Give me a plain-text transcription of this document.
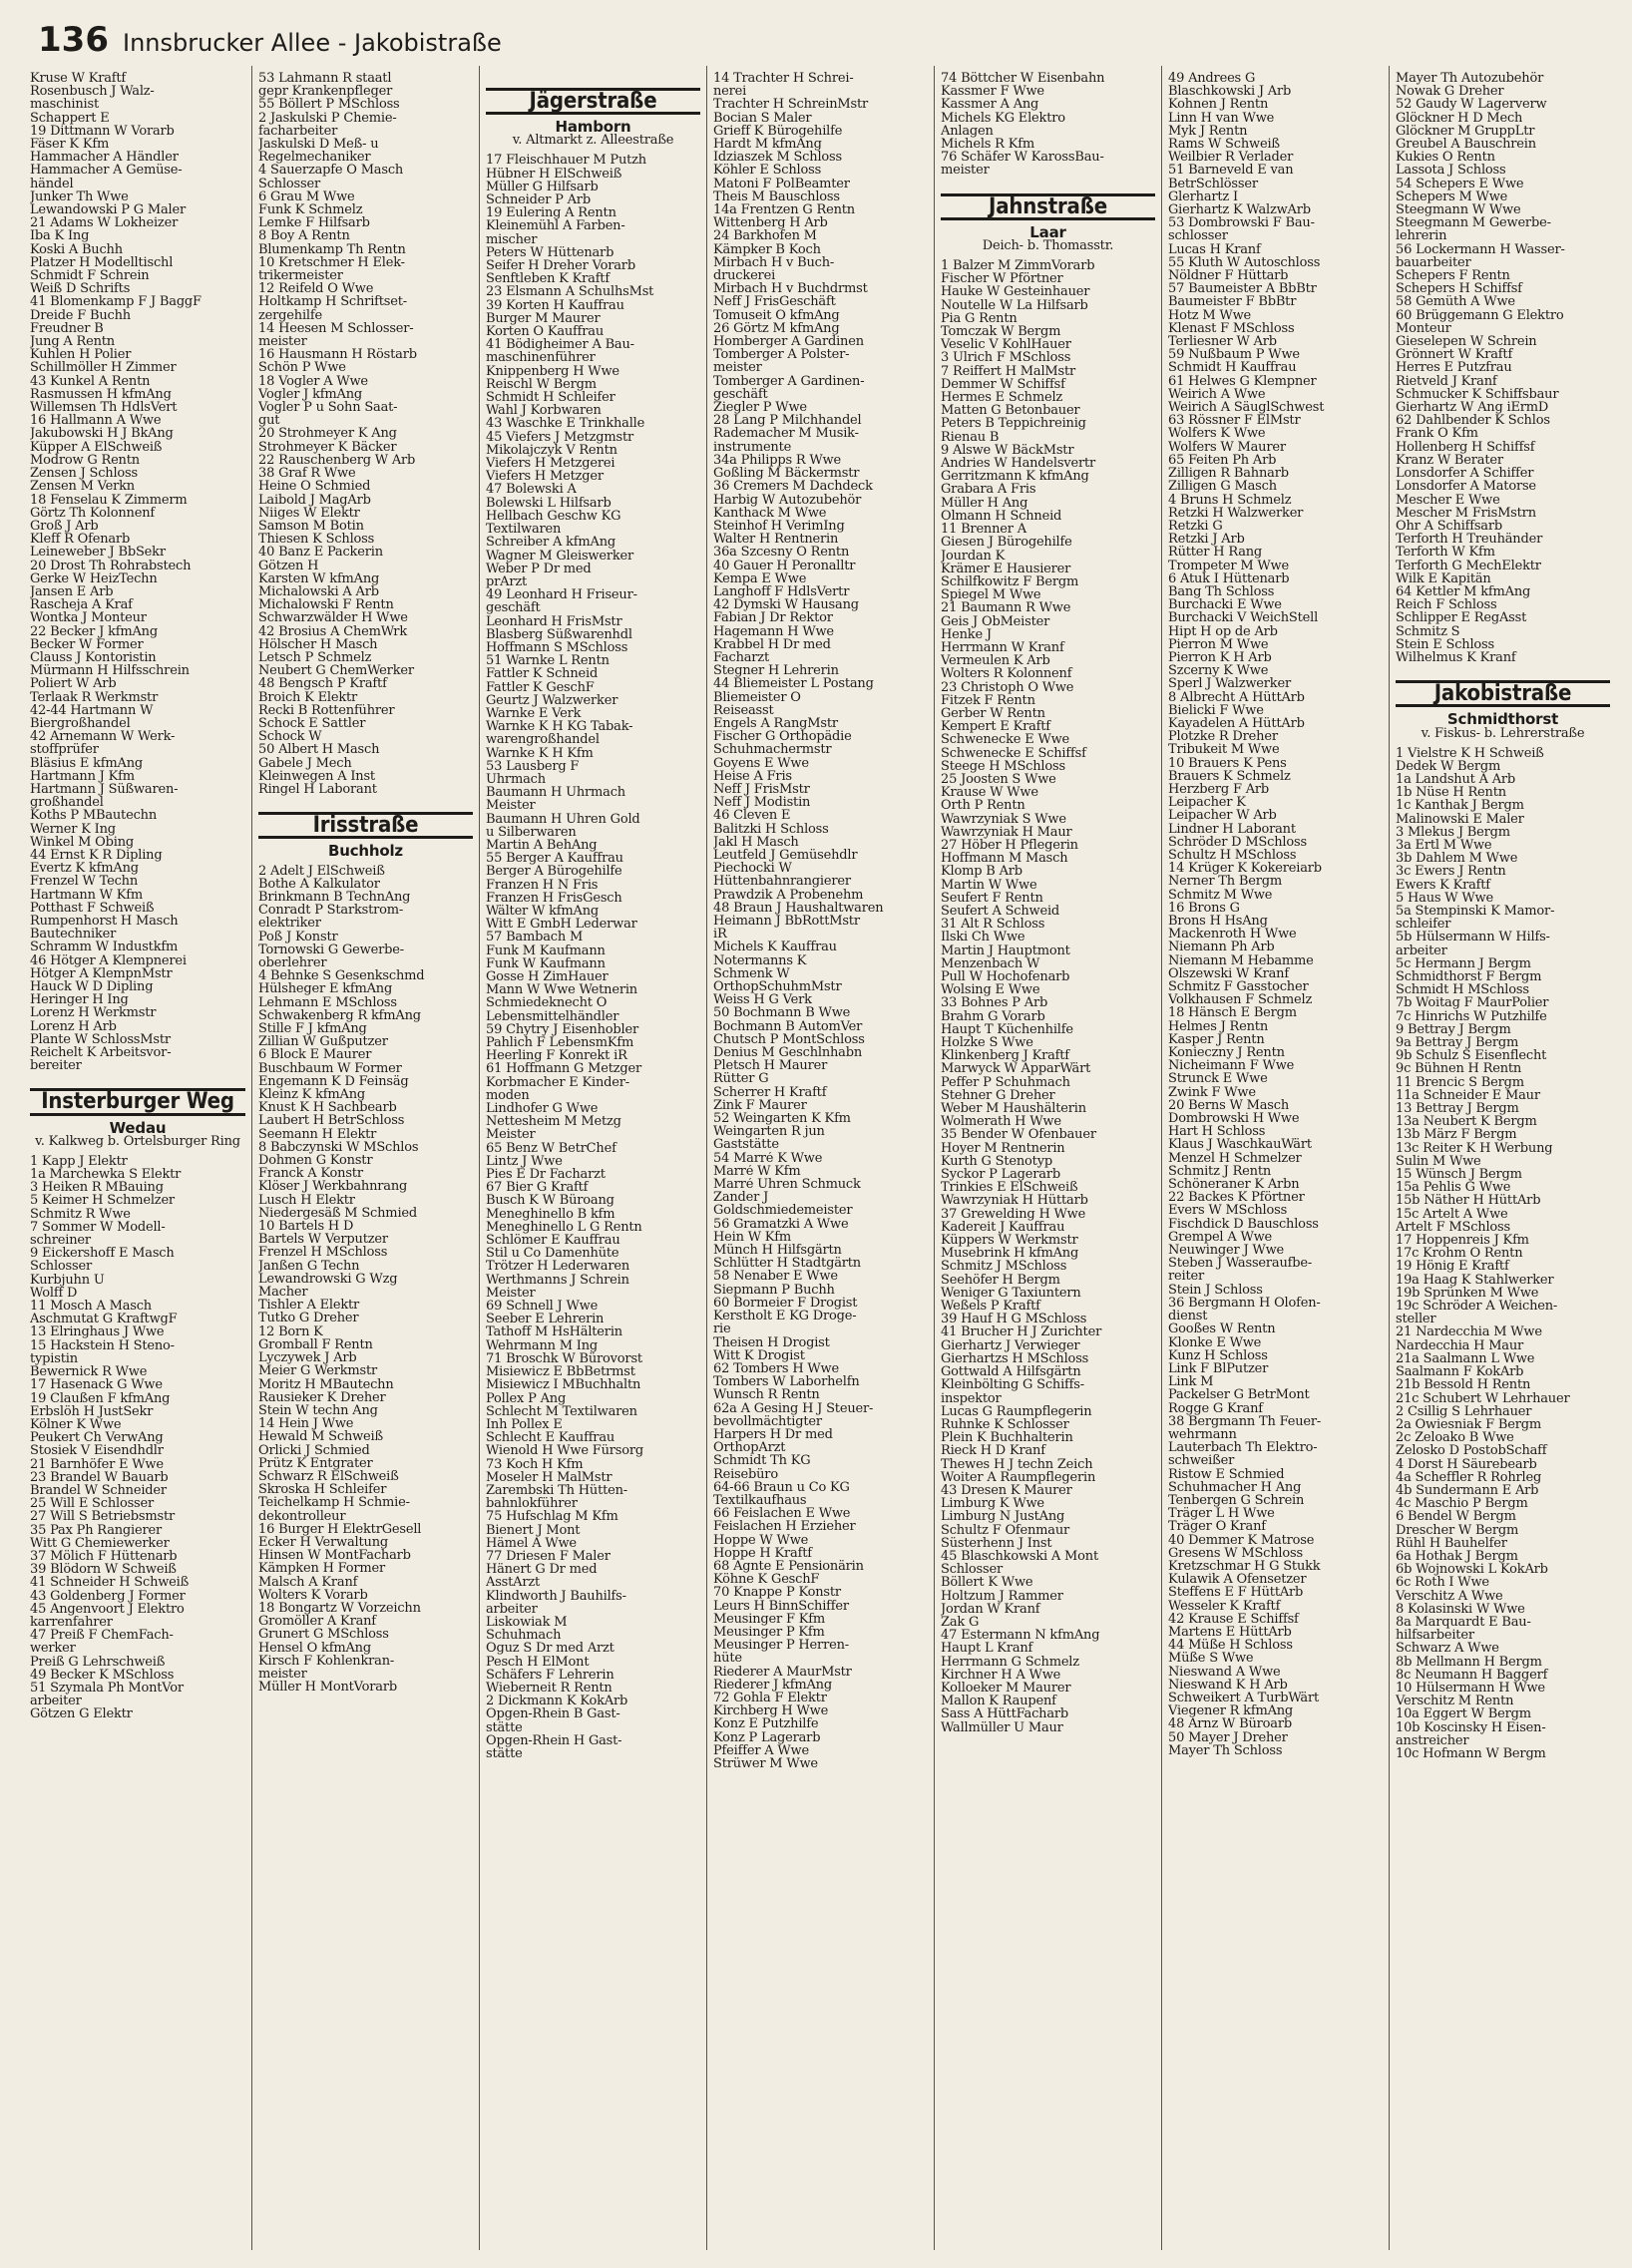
136 Innsbrucker Allee - Jakobistraße
Kruse W Kraftf
Rosenbusch J Walz-
maschinist
Schappert E
19 Dittmann W Vorarb
Fäser K Kfm
Hammacher A Händler
Hammacher A Gemüse-
händel
Junker Th Wwe
Lewandowski P G Maler
21 Adams W Lokheizer
Iba K Ing
Koski A Buchh
Platzer H Modelltischl
Schmidt F Schrein
Weiß D Schrifts
41 Blomenkamp F J BaggF
Dreide F Buchh
Freudner B
Jung A Rentn
Kuhlen H Polier
Schillmöller H Zimmer
43 Kunkel A Rentn
Rasmussen H kfmAng
Willemsen Th HdlsVert
16 Hallmann A Wwe
Jakubowski H J BkAng
Küpper A ElSchweiß
Modrow G Rentn
Zensen J Schloss
Zensen M Verkn
18 Fenselau K Zimmerm
Görtz Th Kolonnenf
Groß J Arb
Kleff R Ofenarb
Leineweber J BbSekr
20 Drost Th Rohrabstech
Gerke W HeizTechn
Jansen E Arb
Rascheja A Kraf
Wontka J Monteur
22 Becker J kfmAng
Becker W Former
Clauss J Kontoristin
Mürmann H Hilfsschrein
Poliert W Arb
Terlaak R Werkmstr
42-44 Hartmann W
Biergroßhandel
42 Arnemann W Werk-
stoffprüfer
Bläsius E kfmAng
Hartmann J Kfm
Hartmann J Süßwaren-
großhandel
Koths P MBautechn
Werner K Ing
Winkel M Obing
44 Ernst K R Dipling
Evertz K kfmAng
Frenzel W Techn
Hartmann W Kfm
Potthast F Schweiß
Rumpenhorst H Masch
Bautechniker
Schramm W Industkfm
46 Hötger A Klempnerei
Hötger A KlempnMstr
Hauck W D Dipling
Heringer H Ing
Lorenz H Werkmstr
Lorenz H Arb
Plante W SchlossMstr
Reichelt K Arbeitsvor-
bereiter
Insterburger Weg
Wedau
v. Kalkweg b. Ortelsburger Ring
1 Kapp J Elektr
1a Marchewka S Elektr
3 Heiken R MBauing
5 Keimer H Schmelzer
Schmitz R Wwe
7 Sommer W Modell-
schreiner
9 Eickershoff E Masch
Schlosser
Kurbjuhn U
Wolff D
11 Mosch A Masch
Aschmutat G KraftwgF
13 Elringhaus J Wwe
15 Hackstein H Steno-
typistin
Bewernick R Wwe
17 Hasenack G Wwe
19 Claußen F kfmAng
Erbslöh H JustSekr
Kölner K Wwe
Peukert Ch VerwAng
Stosiek V Eisendhdlr
21 Barnhöfer E Wwe
23 Brandel W Bauarb
Brandel W Schneider
25 Will E Schlosser
27 Will S Betriebsmstr
35 Pax Ph Rangierer
Witt G Chemiewerker
37 Mölich F Hüttenarb
39 Blödorn W Schweiß
41 Schneider H Schweiß
43 Goldenberg J Former
45 Angenvoort J Elektro
karrenfahrer
47 Preiß F ChemFach-
werker
Preiß G Lehrschweiß
49 Becker K MSchloss
51 Szymala Ph MontVor
arbeiter
Götzen G Elektr
53 Lahmann R staatl
gepr Krankenpfleger
55 Böllert P MSchloss
2 Jaskulski P Chemie-
facharbeiter
Jaskulski D Meß- u
Regelmechaniker
4 Sauerzapfe O Masch
Schlosser
6 Grau M Wwe
Funk K Schmelz
Lemke F Hilfsarb
8 Boy A Rentn
Blumenkamp Th Rentn
10 Kretschmer H Elek-
trikermeister
12 Reifeld O Wwe
Holtkamp H Schriftset-
zergehilfe
14 Heesen M Schlosser-
meister
16 Hausmann H Röstarb
Schön P Wwe
18 Vogler A Wwe
Vogler J kfmAng
Vogler P u Sohn Saat-
gut
20 Strohmeyer K Ang
Strohmeyer K Bäcker
22 Rauschenberg W Arb
38 Graf R Wwe
Heine O Schmied
Laibold J MagArb
Niiges W Elektr
Samson M Botin
Thiesen K Schloss
40 Banz E Packerin
Götzen H
Karsten W kfmAng
Michalowski A Arb
Michalowski F Rentn
Schwarzwälder H Wwe
42 Brosius A ChemWrk
Hölscher H Masch
Letsch P Schmelz
Neubert G ChemWerker
48 Bengsch P Kraftf
Broich K Elektr
Recki B Rottenführer
Schock E Sattler
Schock W
50 Albert H Masch
Gabele J Mech
Kleinwegen A Inst
Ringel H Laborant
Irisstraße
Buchholz
2 Adelt J ElSchweiß
Bothe A Kalkulator
Brinkmann B TechnAng
Conradt P Starkstrom-
elektriker
Poß J Konstr
Tornowski G Gewerbe-
oberlehrer
4 Behnke S Gesenkschmd
Hülsheger E kfmAng
Lehmann E MSchloss
Schwakenberg R kfmAng
Stille F J kfmAng
Zillian W Gußputzer
6 Block E Maurer
Buschbaum W Former
Engemann K D Feinsäg
Kleinz K kfmAng
Knust K H Sachbearb
Laubert H BetrSchloss
Seemann H Elektr
8 Babczynski W MSchlos
Dohmen G Konstr
Franck A Konstr
Klöser J Werkbahnrang
Lusch H Elektr
Niedergesäß M Schmied
10 Bartels H D
Bartels W Verputzer
Frenzel H MSchloss
Janßen G Techn
Lewandrowski G Wzg
Macher
Tishler A Elektr
Tutko G Dreher
12 Born K
Gromball F Rentn
Lyczywek J Arb
Meier G Werkmstr
Moritz H MBautechn
Rausieker K Dreher
Stein W techn Ang
14 Hein J Wwe
Hewald M Schweiß
Orlicki J Schmied
Prütz K Entgrater
Schwarz R ElSchweiß
Skroska H Schleifer
Teichelkamp H Schmie-
dekontrolleur
16 Burger H ElektrGesell
Ecker H Verwaltung
Hinsen W MontFacharb
Kämpken H Former
Malsch A Kranf
Wolters K Vorarb
18 Bongartz W Vorzeichn
Gromöller A Kranf
Grunert G MSchloss
Hensel O kfmAng
Kirsch F Kohlenkran-
meister
Müller H MontVorarb
Jägerstraße
Hamborn
v. Altmarkt z. Alleestraße
17 Fleischhauer M Putzh
Hübner H ElSchweiß
Müller G Hilfsarb
Schneider P Arb
19 Eulering A Rentn
Kleinemühl A Farben-
mischer
Peters W Hüttenarb
Seifer H Dreher Vorarb
Senftleben K Kraftf
23 Elsmann A SchulhsMst
39 Korten H Kauffrau
Burger M Maurer
Korten O Kauffrau
41 Bödigheimer A Bau-
maschinenführer
Knippenberg H Wwe
Reischl W Bergm
Schmidt H Schleifer
Wahl J Korbwaren
43 Waschke E Trinkhalle
45 Viefers J Metzgmstr
Mikolajczyk V Rentn
Viefers H Metzgerei
Viefers H Metzger
47 Bolewski A
Bolewski L Hilfsarb
Hellbach Geschw KG
Textilwaren
Schreiber A kfmAng
Wagner M Gleiswerker
Weber P Dr med
prArzt
49 Leonhard H Friseur-
geschäft
Leonhard H FrisMstr
Blasberg Süßwarenhdl
Hoffmann S MSchloss
51 Warnke L Rentn
Fattler K Schneid
Fattler K GeschF
Geurtz J Walzwerker
Warnke E Verk
Warnke K H KG Tabak-
warengroßhandel
Warnke K H Kfm
53 Lausberg F
Uhrmach
Baumann H Uhrmach
Meister
Baumann H Uhren Gold
u Silberwaren
Martin A BehAng
55 Berger A Kauffrau
Berger A Bürogehilfe
Franzen H N Fris
Franzen H FrisGesch
Wälter W kfmAng
Witt E GmbH Lederwar
57 Bambach M
Funk M Kaufmann
Funk W Kaufmann
Gosse H ZimHauer
Mann W Wwe Wetnerin
Schmiedeknecht O
Lebensmittelhändler
59 Chytry J Eisenhobler
Pahlich F LebensmKfm
Heerling F Konrekt iR
61 Hoffmann G Metzger
Korbmacher E Kinder-
moden
Lindhofer G Wwe
Nettesheim M Metzg
Meister
65 Benz W BetrChef
Lintz J Wwe
Pies E Dr Facharzt
67 Bier G Kraftf
Busch K W Büroang
Meneghinello B kfm
Meneghinello L G Rentn
Schlömer E Kauffrau
Stil u Co Damenhüte
Trötzer H Lederwaren
Werthmanns J Schrein
Meister
69 Schnell J Wwe
Seeber E Lehrerin
Tathoff M HsHälterin
Wehrmann M Ing
71 Broschk W Bürovorst
Misiewicz E BbBetrmst
Misiewicz I MBuchhaltn
Pollex P Ang
Schlecht M Textilwaren
Inh Pollex E
Schlecht E Kauffrau
Wienold H Wwe Fürsorg
73 Koch H Kfm
Moseler H MalMstr
Zarembski Th Hütten-
bahnlokführer
75 Hufschlag M Kfm
Bienert J Mont
Hämel A Wwe
77 Driesen F Maler
Hänert G Dr med
AsstArzt
Klindworth J Bauhilfs-
arbeiter
Liskowiak M
Schuhmach
Oguz S Dr med Arzt
Pesch H ElMont
Schäfers F Lehrerin
Wieberneit R Rentn
2 Dickmann K KokArb
Opgen-Rhein B Gast-
stätte
Opgen-Rhein H Gast-
stätte
14 Trachter H Schrei-
nerei
Trachter H SchreinMstr
Bocian S Maler
Grieff K Bürogehilfe
Hardt M kfmAng
Idziaszek M Schloss
Köhler E Schloss
Matoni F PolBeamter
Theis M Bauschloss
14a Frentzen G Rentn
Wittenberg H Arb
24 Barkhofen M
Kämpker B Koch
Mirbach H v Buch-
druckerei
Mirbach H v Buchdrmst
Neff J FrisGeschäft
Tomuseit O kfmAng
26 Görtz M kfmAng
Homberger A Gardinen
Tomberger A Polster-
meister
Tomberger A Gardinen-
geschäft
Ziegler P Wwe
28 Lang P Milchhandel
Rademacher M Musik-
instrumente
34a Philipps R Wwe
Goßling M Bäckermstr
36 Cremers M Dachdeck
Harbig W Autozubehör
Kanthack M Wwe
Steinhof H VerimIng
Walter H Rentnerin
36a Szcesny O Rentn
40 Gauer H Peronalltr
Kempa E Wwe
Langhoff F HdlsVertr
42 Dymski W Hausang
Fabian J Dr Rektor
Hagemann H Wwe
Krabbel H Dr med
Facharzt
Stegner H Lehrerin
44 Bliemeister L Postang
Bliemeister O
Reiseasst
Engels A RangMstr
Fischer G Orthopädie
Schuhmachermstr
Goyens E Wwe
Heise A Fris
Neff J FrisMstr
Neff J Modistin
46 Cleven E
Balitzki H Schloss
Jakl H Masch
Leutfeld J Gemüsehdlr
Piechocki W
Hüttenbahnrangierer
Prawdzik A Probenehm
48 Braun J Haushaltwaren
Heimann J BbRottMstr
iR
Michels K Kauffrau
Notermanns K
Schmenk W
OrthopSchuhmMstr
Weiss H G Verk
50 Bochmann B Wwe
Bochmann B AutomVer
Chutsch P MontSchloss
Denius M Geschlnhabn
Pletsch H Maurer
Rütter G
Scherrer H Kraftf
Zink F Maurer
52 Weingarten K Kfm
Weingarten R jun
Gaststätte
54 Marré K Wwe
Marré W Kfm
Marré Uhren Schmuck
Zander J
Goldschmiedemeister
56 Gramatzki A Wwe
Hein W Kfm
Münch H Hilfsgärtn
Schlütter H Stadtgärtn
58 Nenaber E Wwe
Siepmann P Buchh
60 Bormeier F Drogist
Kerstholt E KG Droge-
rie
Theisen H Drogist
Witt K Drogist
62 Tombers H Wwe
Tombers W Laborhelfn
Wunsch R Rentn
62a A Gesing H J Steuer-
bevollmächtigter
Harpers H Dr med
OrthopArzt
Schmidt Th KG
Reisebüro
64-66 Braun u Co KG
Textilkaufhaus
66 Feislachen E Wwe
Feislachen H Erzieher
Hoppe W Wwe
Hoppe H Kraftf
68 Agnte E Pensionärin
Köhne K GeschF
70 Knappe P Konstr
Leurs H BinnSchiffer
Meusinger F Kfm
Meusinger P Kfm
Meusinger P Herren-
hüte
Riederer A MaurMstr
Riederer J kfmAng
72 Gohla F Elektr
Kirchberg H Wwe
Konz E Putzhilfe
Konz P Lagerarb
Pfeiffer A Wwe
Strüwer M Wwe
74 Böttcher W Eisenbahn
Kassmer F Wwe
Kassmer A Ang
Michels KG Elektro
Anlagen
Michels R Kfm
76 Schäfer W KarossBau-
meister
Jahnstraße
Laar
Deich- b. Thomasstr.
1 Balzer M ZimmVorarb
Fischer W Pförtner
Hauke W Gesteinhauer
Noutelle W La Hilfsarb
Pia G Rentn
Tomczak W Bergm
Veselic V KohlHauer
3 Ulrich F MSchloss
7 Reiffert H MalMstr
Demmer W Schiffsf
Hermes E Schmelz
Matten G Betonbauer
Peters B Teppichreinig
Rienau B
9 Alswe W BäckMstr
Andries W Handelsvertr
Gerritzmann K kfmAng
Grabara A Fris
Müller H Ang
Ölmann H Schneid
11 Brenner A
Giesen J Bürogehilfe
Jourdan K
Krämer E Hausierer
Schilfkowitz F Bergm
Spiegel M Wwe
21 Baumann R Wwe
Geis J ObMeister
Henke J
Herrmann W Kranf
Vermeulen K Arb
Wolters R Kolonnenf
23 Christoph O Wwe
Fitzek F Rentn
Gerber W Rentn
Kempert E Kraftf
Schwenecke E Wwe
Schwenecke E Schiffsf
Steege H MSchloss
25 Joosten S Wwe
Krause W Wwe
Orth P Rentn
Wawrzyniak S Wwe
Wawrzyniak H Maur
27 Höber H Pflegerin
Hoffmann M Masch
Klomp B Arb
Martin W Wwe
Seufert F Rentn
Seufert A Schweid
31 Alt R Schloss
Ilski Ch Wwe
Martin J Hauptmont
Menzenbach W
Pull W Hochofenarb
Wolsing E Wwe
33 Bohnes P Arb
Brahm G Vorarb
Haupt T Küchenhilfe
Holzke S Wwe
Klinkenberg J Kraftf
Marwyck W ApparWärt
Peffer P Schuhmach
Stehner G Dreher
Weber M Haushälterin
Wolmerath H Wwe
35 Bender W Ofenbauer
Hoyer M Rentnerin
Kurth G Stenotyp
Syckor P Lagerarb
Trinkies E ElSchweiß
Wawrzyniak H Hüttarb
37 Grewelding H Wwe
Kadereit J Kauffrau
Küppers W Werkmstr
Musebrink H kfmAng
Schmitz J MSchloss
Seehöfer H Bergm
Weniger G Taxiuntern
Weßels P Kraftf
39 Hauf H G MSchloss
41 Brucher H J Zurichter
Gierhartz J Verwieger
Gierhartzs H MSchloss
Gottwald A Hilfsgärtn
Kleinbölting G Schiffs-
inspektor
Lucas G Raumpflegerin
Ruhnke K Schlosser
Plein K Buchhalterin
Rieck H D Kranf
Thewes H J techn Zeich
Woiter A Raumpflegerin
43 Dresen K Maurer
Limburg K Wwe
Limburg N JustAng
Schultz F Ofenmaur
Süsterhenn J Inst
45 Blaschkowski A Mont
Schlosser
Böllert K Wwe
Holtzum J Rammer
Jordan W Kranf
Zak G
47 Estermann N kfmAng
Haupt L Kranf
Herrmann G Schmelz
Kirchner H A Wwe
Kolloeker M Maurer
Mallon K Raupenf
Sass A HüttFacharb
Wallmüller U Maur
49 Andrees G
Blaschkowski J Arb
Kohnen J Rentn
Linn H van Wwe
Myk J Rentn
Rams W Schweiß
Weilbier R Verlader
51 Barneveld E van
BetrSchlösser
Glerhartz I
Gierhartz K WalzwArb
53 Dombrowski F Bau-
schlosser
Lucas H Kranf
55 Kluth W Autoschloss
Nöldner F Hüttarb
57 Baumeister A BbBtr
Baumeister F BbBtr
Hotz M Wwe
Klenast F MSchloss
Terliesner W Arb
59 Nußbaum P Wwe
Schmidt H Kauffrau
61 Helwes G Klempner
Weirich A Wwe
Weirich A SäuglSchwest
63 Rössner F ElMstr
Wolfers K Wwe
Wolfers W Maurer
65 Feiten Ph Arb
Zilligen R Bahnarb
Zilligen G Masch
4 Bruns H Schmelz
Retzki H Walzwerker
Retzki G
Retzki J Arb
Rütter H Rang
Trompeter M Wwe
6 Atuk I Hüttenarb
Bang Th Schloss
Burchacki E Wwe
Burchacki V WeichStell
Hipt H op de Arb
Pierron M Wwe
Pierron K H Arb
Szcerny K Wwe
Sperl J Walzwerker
8 Albrecht A HüttArb
Bielicki F Wwe
Kayadelen A HüttArb
Plotzke R Dreher
Tribukeit M Wwe
10 Brauers K Pens
Brauers K Schmelz
Herzberg F Arb
Leipacher K
Leipacher W Arb
Lindner H Laborant
Schröder D MSchloss
Schultz H MSchloss
14 Krüger K Kokereiarb
Nerner Th Bergm
Schmitz M Wwe
16 Brons G
Brons H HsAng
Mackenroth H Wwe
Niemann Ph Arb
Niemann M Hebamme
Olszewski W Kranf
Schmitz F Gasstocher
Volkhausen F Schmelz
18 Hänsch E Bergm
Helmes J Rentn
Kasper J Rentn
Konieczny J Rentn
Nicheimann F Wwe
Strunck E Wwe
Zwink F Wwe
20 Berns W Masch
Dombrowski H Wwe
Hart H Schloss
Klaus J WaschkauWärt
Menzel H Schmelzer
Schmitz J Rentn
Schöneraner K Arbn
22 Backes K Pförtner
Evers W MSchloss
Fischdick D Bauschloss
Grempel A Wwe
Neuwinger J Wwe
Steben J Wasseraufbe-
reiter
Stein J Schloss
36 Bergmann H Olofen-
dienst
Gooßes W Rentn
Klonke E Wwe
Kunz H Schloss
Link F BlPutzer
Link M
Packelser G BetrMont
Rogge G Kranf
38 Bergmann Th Feuer-
wehrmann
Lauterbach Th Elektro-
schweißer
Ristow E Schmied
Schuhmacher H Ang
Tenbergen G Schrein
Träger L H Wwe
Träger O Kranf
40 Demmer K Matrose
Gresens W MSchloss
Kretzschmar H G Stukk
Kulawik A Ofensetzer
Steffens E F HüttArb
Wesseler K Kraftf
42 Krause E Schiffsf
Martens E HüttArb
44 Müße H Schloss
Müße S Wwe
Nieswand A Wwe
Nieswand K H Arb
Schweikert A TurbWärt
Viegener R kfmAng
48 Arnz W Büroarb
50 Mayer J Dreher
Mayer Th Schloss
Mayer Th Autozubehör
Nowak G Dreher
52 Gaudy W Lagerverw
Glöckner H D Mech
Glöckner M GruppLtr
Greubel A Bauschrein
Kukies O Rentn
Lassota J Schloss
54 Schepers E Wwe
Schepers M Wwe
Steegmann W Wwe
Steegmann M Gewerbe-
lehrerin
56 Lockermann H Wasser-
bauarbeiter
Schepers F Rentn
Schepers H Schiffsf
58 Gemüth A Wwe
60 Brüggemann G Elektro
Monteur
Gieselepen W Schrein
Grönnert W Kraftf
Herres E Putzfrau
Rietveld J Kranf
Schmucker K Schiffsbaur
Gierhartz W Ang iErmD
62 Dahlbender K Schlos
Frank O Kfm
Hollenberg H Schiffsf
Kranz W Berater
Lonsdorfer A Schiffer
Lonsdorfer A Matorse
Mescher E Wwe
Mescher M FrisMstrn
Ohr A Schiffsarb
Terforth H Treuhänder
Terforth W Kfm
Terforth G MechElektr
Wilk E Kapitän
64 Kettler M kfmAng
Reich F Schloss
Schlipper E RegAsst
Schmitz S
Stein E Schloss
Wilhelmus K Kranf
Jakobistraße
Schmidthorst
v. Fiskus- b. Lehrerstraße
1 Vielstre K H Schweiß
Dedek W Bergm
1a Landshut A Arb
1b Nüse H Rentn
1c Kanthak J Bergm
Malinowski E Maler
3 Mlekus J Bergm
3a Ertl M Wwe
3b Dahlem M Wwe
3c Ewers J Rentn
Ewers K Kraftf
5 Haus W Wwe
5a Stempinski K Mamor-
schleifer
5b Hülsermann W Hilfs-
arbeiter
5c Hermann J Bergm
Schmidthorst F Bergm
Schmidt H MSchloss
7b Woitag F MaurPolier
7c Hinrichs W Putzhilfe
9 Bettray J Bergm
9a Bettray J Bergm
9b Schulz S Eisenflecht
9c Bühnen H Rentn
11 Brencic S Bergm
11a Schneider E Maur
13 Bettray J Bergm
13a Neubert K Bergm
13b März F Bergm
13c Reiter K H Werbung
Sulin M Wwe
15 Wünsch J Bergm
15a Pehlis G Wwe
15b Näther H HüttArb
15c Artelt A Wwe
Artelt F MSchloss
17 Hoppenreis J Kfm
17c Krohm O Rentn
19 Hönig E Kraftf
19a Haag K Stahlwerker
19b Sprünken M Wwe
19c Schröder A Weichen-
steller
21 Nardecchia M Wwe
Nardecchia H Maur
21a Saalmann L Wwe
Saalmann F KokArb
21b Bessold H Rentn
21c Schubert W Lehrhauer
2 Csillig S Lehrhauer
2a Owiesniak F Bergm
2c Zeloako B Wwe
Zelosko D PostobSchaff
4 Dorst H Säurebearb
4a Scheffler R Rohrleg
4b Sundermann E Arb
4c Maschio P Bergm
6 Bendel W Bergm
Drescher W Bergm
Rühl H Bauhelfer
6a Hothak J Bergm
6b Wojnowski L KokArb
6c Roth I Wwe
Verschitz A Wwe
8 Kolasinski W Wwe
8a Marquardt E Bau-
hilfsarbeiter
Schwarz A Wwe
8b Mellmann H Bergm
8c Neumann H Baggerf
10 Hülsermann H Wwe
Verschitz M Rentn
10a Eggert W Bergm
10b Koscinsky H Eisen-
anstreicher
10c Hofmann W Bergm
